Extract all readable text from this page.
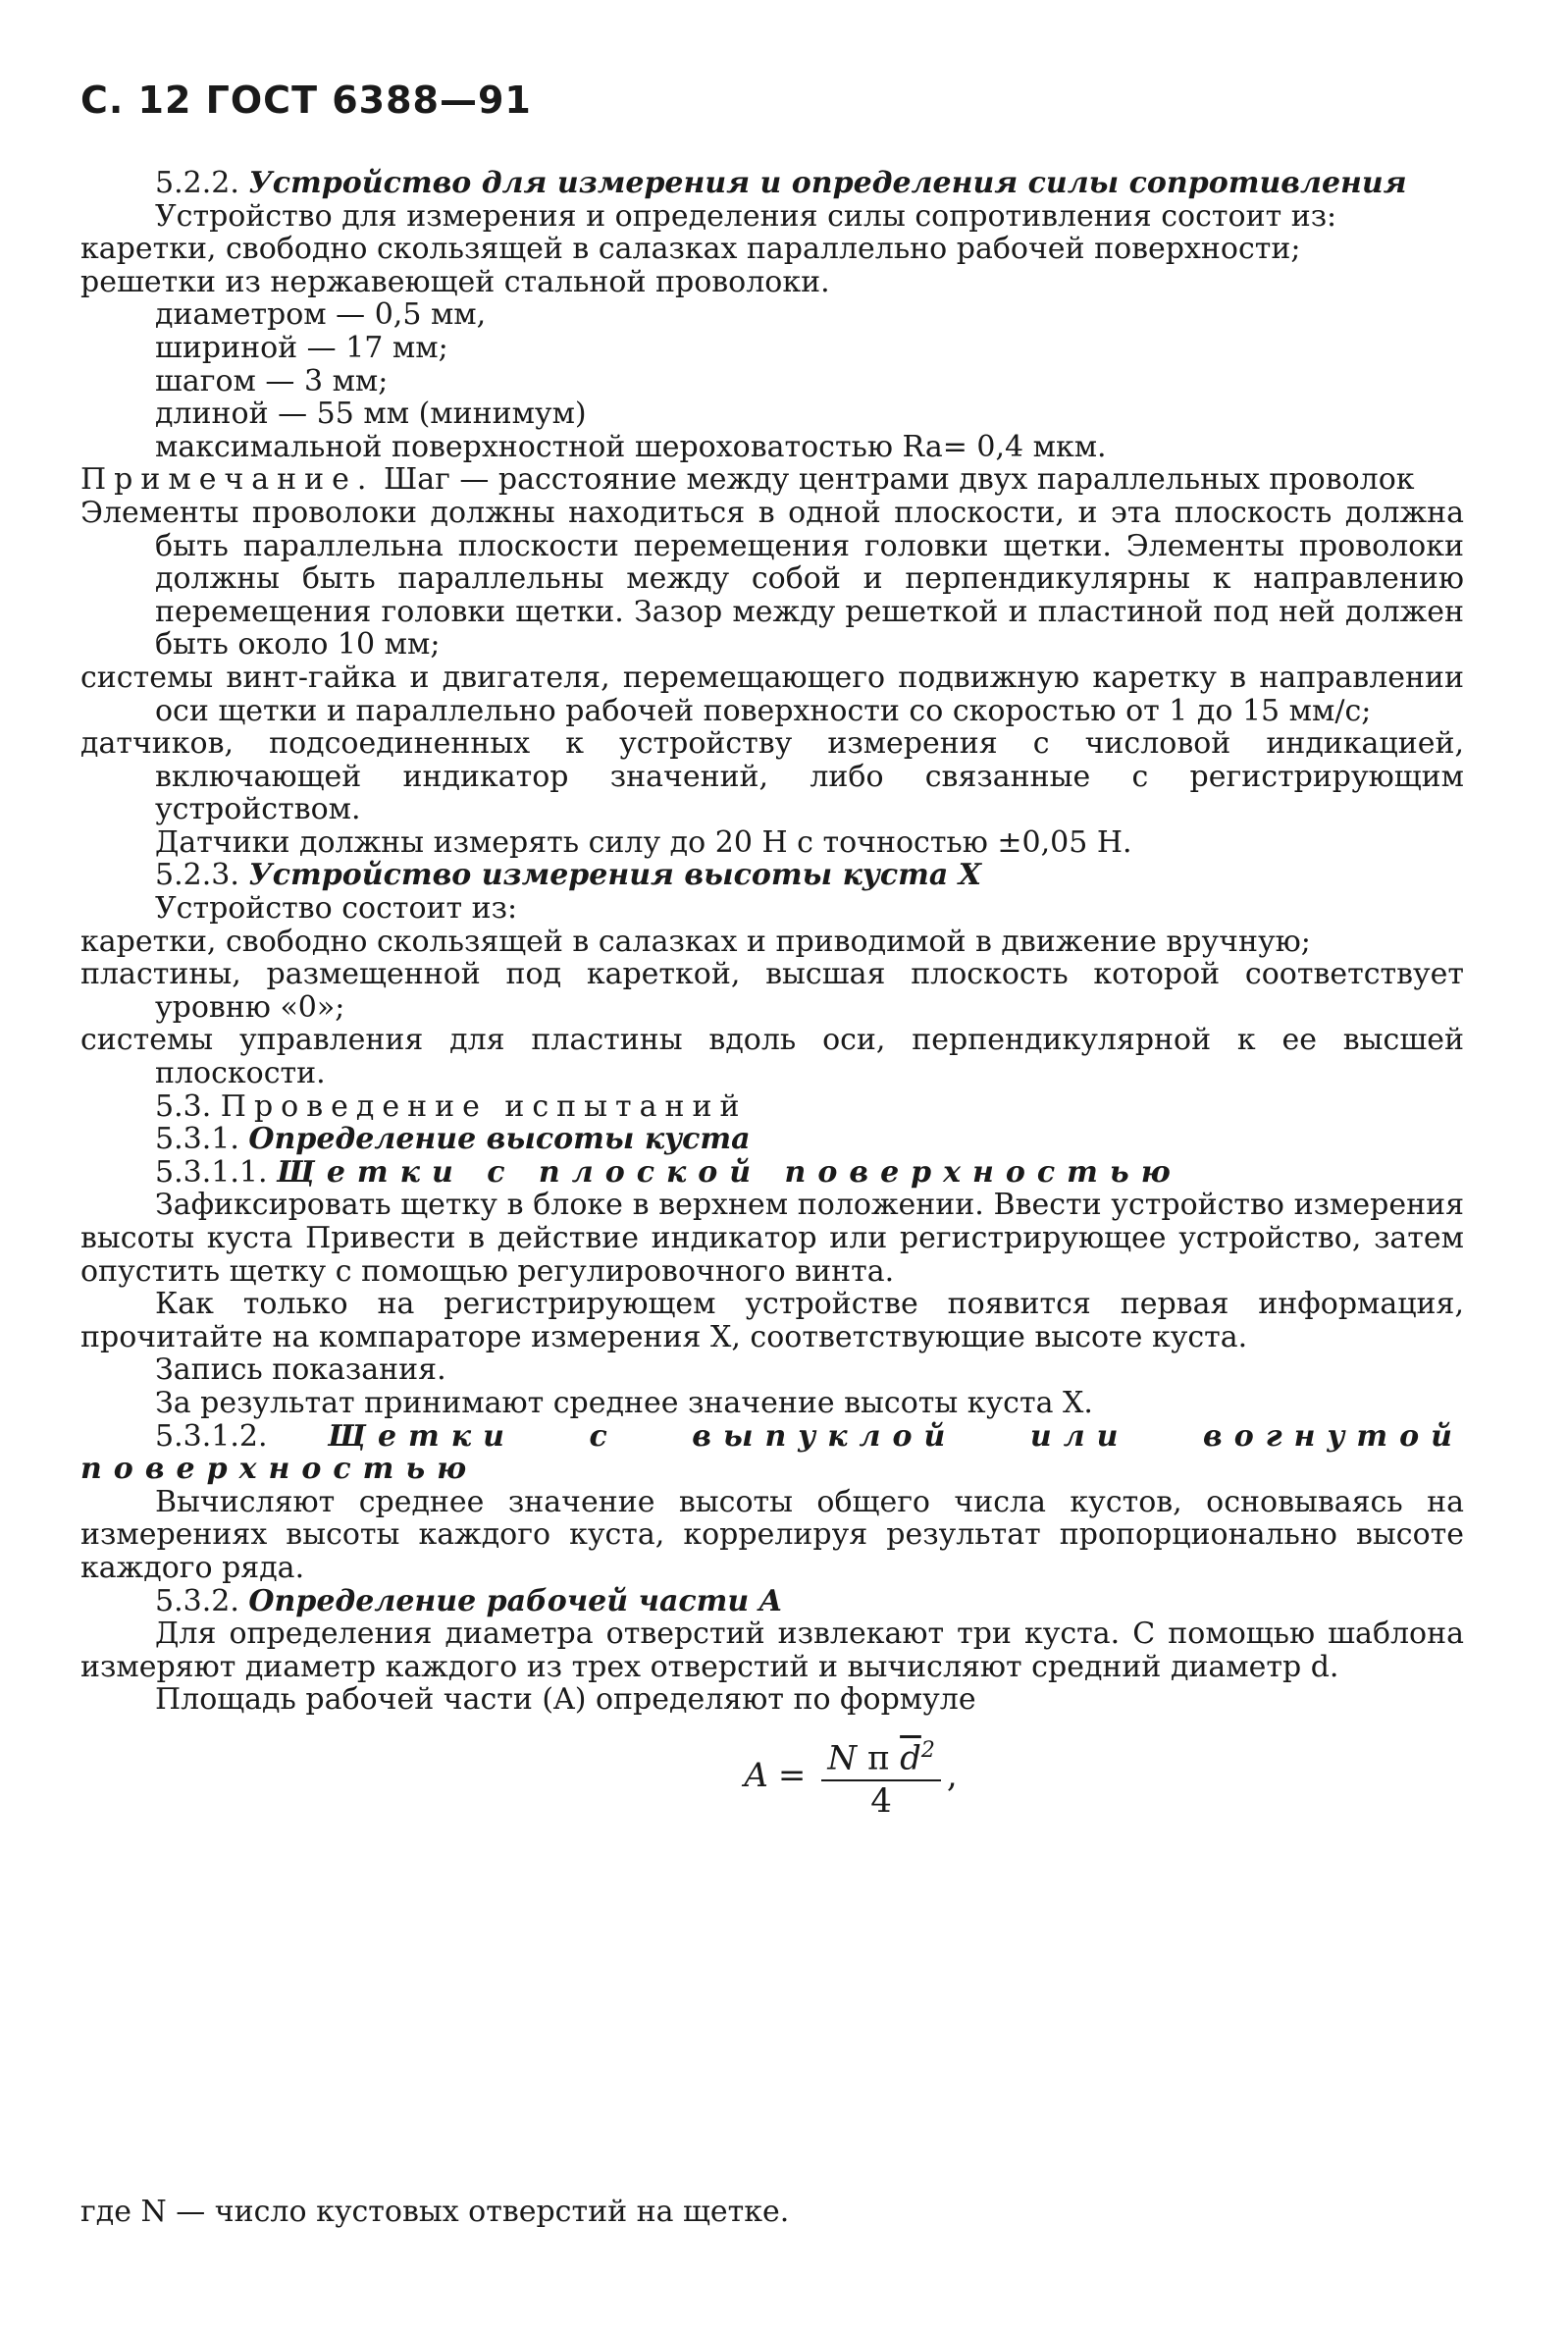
С. 12 ГОСТ 6388—91

5.2.2. Устройство для измерения и определения силы сопротивления

Устройство для измерения и определения силы сопротивления состоит из:

каретки, свободно скользящей в салазках параллельно рабочей поверхности;

решетки из нержавеющей стальной проволоки.

диаметром — 0,5 мм,

шириной — 17 мм;

шагом — 3 мм;

длиной — 55 мм (минимум)

максимальной поверхностной шероховатостью Ra= 0,4 мкм.

Примечание. Шаг — расстояние между центрами двух параллельных проволок

Элементы проволоки должны находиться в одной плоскости, и эта плоскость должна быть параллельна плоскости перемещения головки щетки. Элементы проволоки должны быть параллельны между собой и перпендикулярны к направлению перемещения головки щетки. Зазор между решеткой и пластиной под ней должен быть около 10 мм;

системы винт-гайка и двигателя, перемещающего подвижную каретку в направлении оси щетки и параллельно рабочей поверхности со скоростью от 1 до 15 мм/с;

датчиков, подсоединенных к устройству измерения с числовой индикацией, включающей индикатор значений, либо связанные с регистрирующим устройством.

Датчики должны измерять силу до 20 Н с точностью ±0,05 Н.

5.2.3. Устройство измерения высоты куста X

Устройство состоит из:

каретки, свободно скользящей в салазках и приводимой в движение вручную;

пластины, размещенной под кареткой, высшая плоскость которой соответствует уровню «0»;

системы управления для пластины вдоль оси, перпендикулярной к ее высшей плоскости.

5.3. Проведение испытаний

5.3.1. Определение высоты куста

5.3.1.1. Щетки с плоской поверхностью

Зафиксировать щетку в блоке в верхнем положении. Ввести устройство измерения высоты куста Привести в действие индикатор или регистрирующее устройство, затем опустить щетку с помощью регулировочного винта.

Как только на регистрирующем устройстве появится первая информация, прочитайте на компараторе измерения X, соответствующие высоте куста.

Запись показания.

За результат принимают среднее значение высоты куста X.

5.3.1.2. Щетки с выпуклой или вогнутой поверхностью

Вычисляют среднее значение высоты общего числа кустов, основываясь на измерениях высоты каждого куста, коррелируя результат пропорционально высоте каждого ряда.

5.3.2. Определение рабочей части A

Для определения диаметра отверстий извлекают три куста. С помощью шаблона измеряют диаметр каждого из трех отверстий и вычисляют средний диаметр d.

Площадь рабочей части (A) определяют по формуле

$A = \frac{N \pi \overline{d}^2}{4}$ ,
где N — число кустовых отверстий на щетке.
